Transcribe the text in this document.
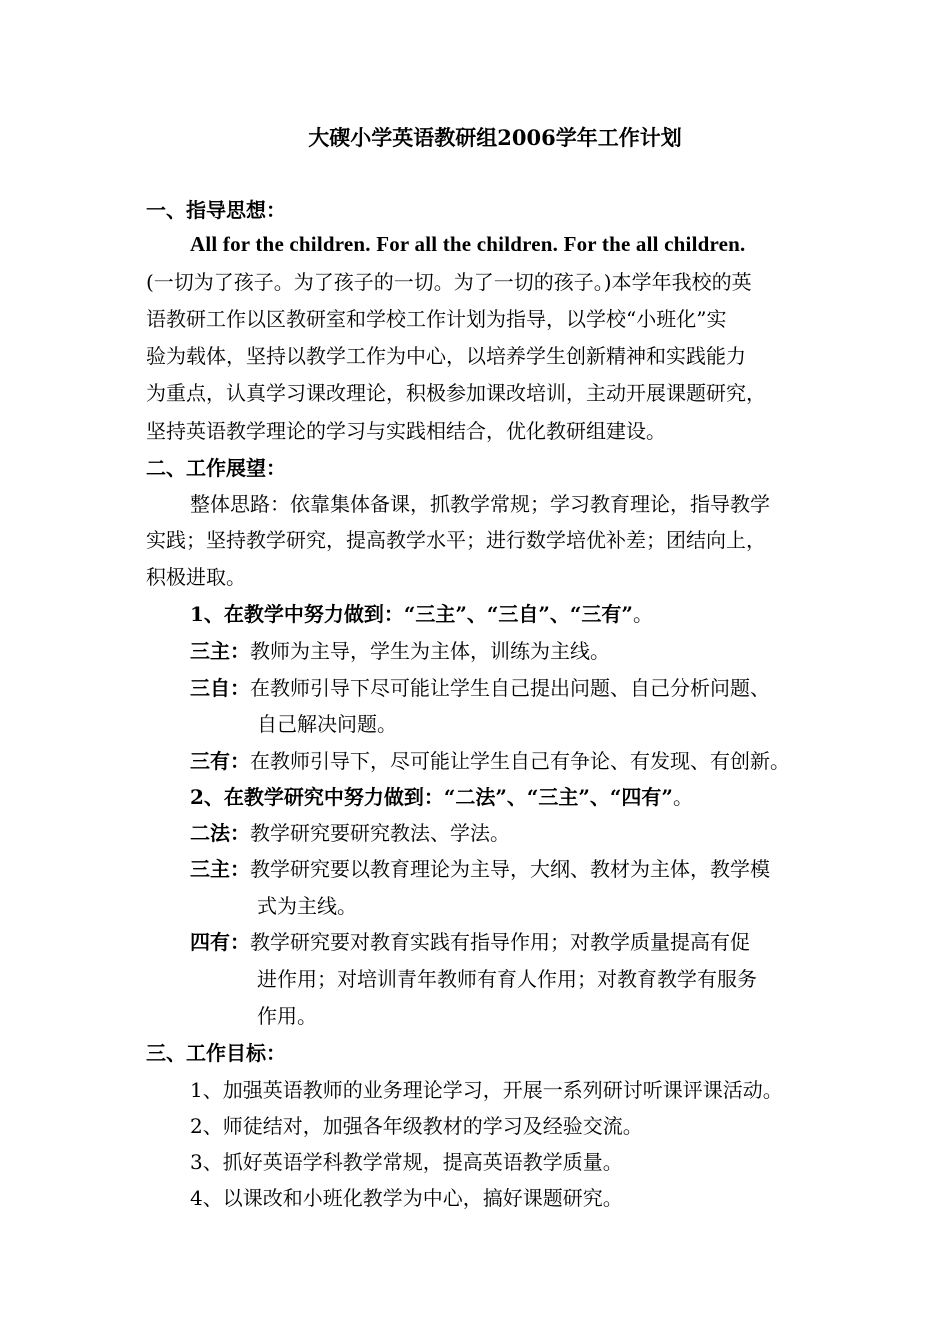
大碶小学英语教研组2006学年工作计划
一、指导思想：
All for the children. For all the children. For the all children.
(一切为了孩子。为了孩子的一切。为了一切的孩子。)本学年我校的英
语教研工作以区教研室和学校工作计划为指导，以学校“小班化”实
验为载体，坚持以教学工作为中心，以培养学生创新精神和实践能力
为重点，认真学习课改理论，积极参加课改培训，主动开展课题研究，
坚持英语教学理论的学习与实践相结合，优化教研组建设。
二、工作展望：
整体思路：依靠集体备课，抓教学常规；学习教育理论，指导教学
实践；坚持教学研究，提高教学水平；进行数学培优补差；团结向上，
积极进取。
1、在教学中努力做到：“三主”、“三自”、“三有”。
三主：教师为主导，学生为主体，训练为主线。
三自：在教师引导下尽可能让学生自己提出问题、自己分析问题、
自己解决问题。
三有：在教师引导下，尽可能让学生自己有争论、有发现、有创新。
2、在教学研究中努力做到：“二法”、“三主”、“四有”。
二法：教学研究要研究教法、学法。
三主：教学研究要以教育理论为主导，大纲、教材为主体，教学模
式为主线。
四有：教学研究要对教育实践有指导作用；对教学质量提高有促
进作用；对培训青年教师有育人作用；对教育教学有服务
作用。
三、工作目标：
1、加强英语教师的业务理论学习，开展一系列研讨听课评课活动。
2、师徒结对，加强各年级教材的学习及经验交流。
3、抓好英语学科教学常规，提高英语教学质量。
4、以课改和小班化教学为中心，搞好课题研究。
